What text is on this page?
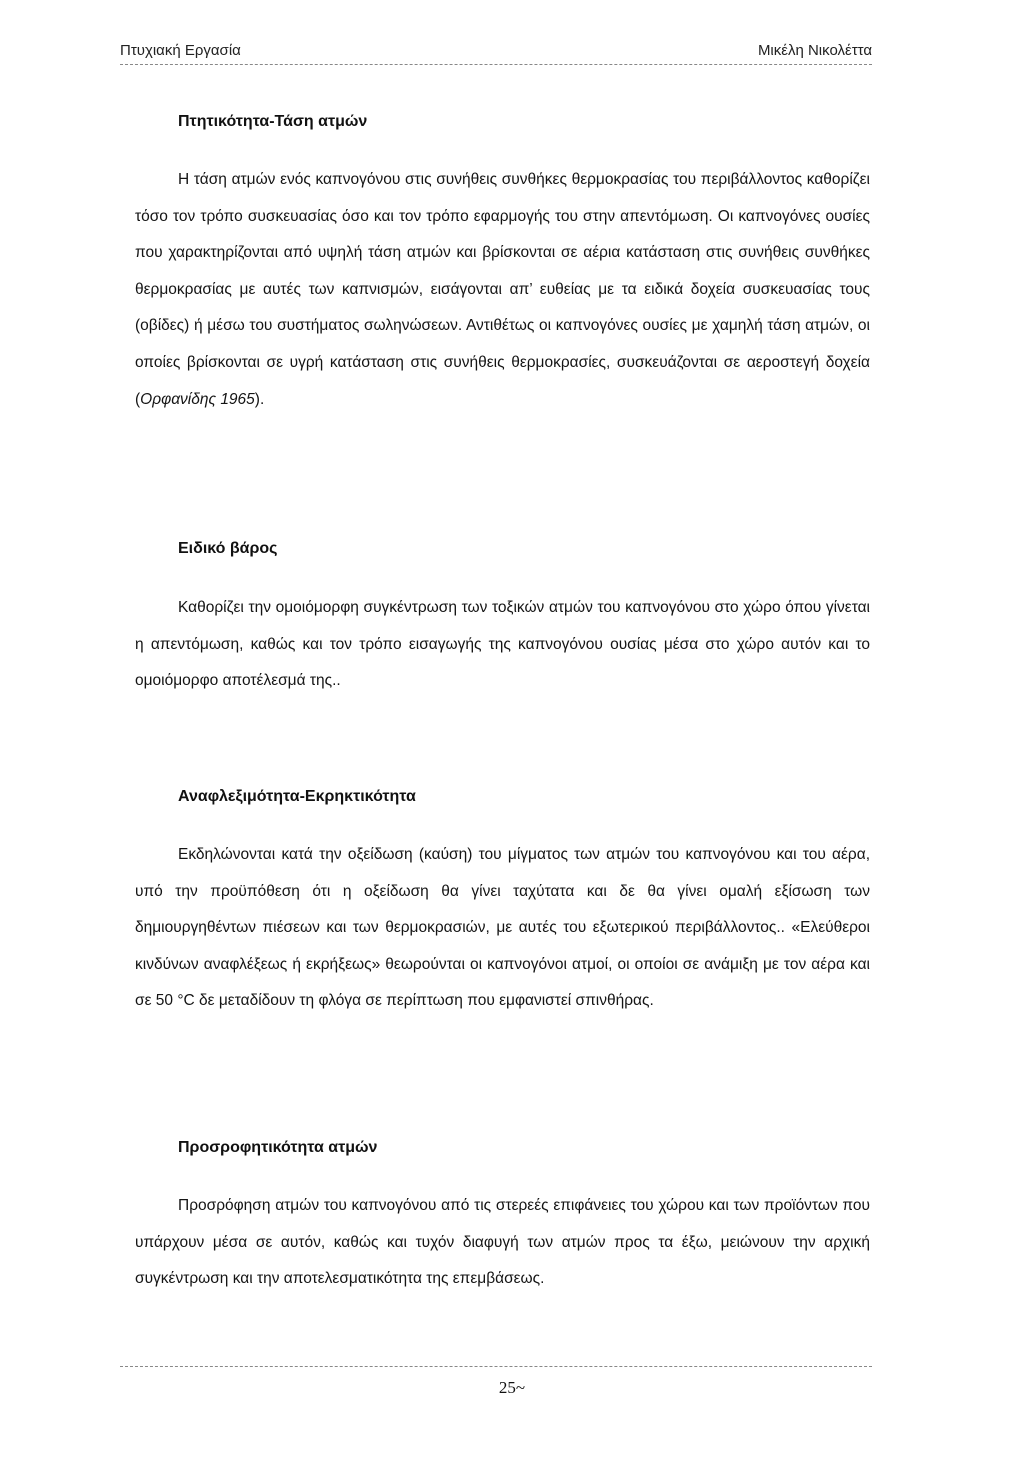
Πτυχιακή Εργασία	Μικέλη Νικολέττα
Πτητικότητα-Τάση ατμών

Η τάση ατμών ενός καπνογόνου στις συνήθεις συνθήκες θερμοκρασίας του περιβάλλοντος καθορίζει τόσο τον τρόπο συσκευασίας όσο και τον τρόπο εφαρμογής του στην απεντόμωση. Οι καπνογόνες ουσίες που χαρακτηρίζονται από υψηλή τάση ατμών και βρίσκονται σε αέρια κατάσταση στις συνήθεις συνθήκες θερμοκρασίας με αυτές των καπνισμών, εισάγονται απ’ ευθείας με τα ειδικά δοχεία συσκευασίας τους (οβίδες) ή μέσω του συστήματος σωληνώσεων. Αντιθέτως οι καπνογόνες ουσίες με χαμηλή τάση ατμών, οι οποίες βρίσκονται σε υγρή κατάσταση στις συνήθεις θερμοκρασίες, συσκευάζονται σε αεροστεγή δοχεία (Ορφανίδης 1965).

Ειδικό βάρος

Καθορίζει την ομοιόμορφη συγκέντρωση των τοξικών ατμών του καπνογόνου στο χώρο όπου γίνεται η απεντόμωση, καθώς και τον τρόπο εισαγωγής της καπνογόνου ουσίας μέσα στο χώρο αυτόν και το ομοιόμορφο αποτέλεσμά της..

Αναφλεξιμότητα-Εκρηκτικότητα

Εκδηλώνονται κατά την οξείδωση (καύση) του μίγματος των ατμών του καπνογόνου και του αέρα, υπό την προϋπόθεση ότι η οξείδωση θα γίνει ταχύτατα και δε θα γίνει ομαλή εξίσωση των δημιουργηθέντων πιέσεων και των θερμοκρασιών, με αυτές του εξωτερικού περιβάλλοντος.. «Ελεύθεροι κινδύνων αναφλέξεως ή εκρήξεως» θεωρούνται οι καπνογόνοι ατμοί, οι οποίοι σε ανάμιξη με τον αέρα και σε 50 °C δε μεταδίδουν τη φλόγα σε περίπτωση που εμφανιστεί σπινθήρας.

Προσροφητικότητα ατμών

Προσρόφηση ατμών του καπνογόνου από τις στερεές επιφάνειες του χώρου και των προϊόντων που υπάρχουν μέσα σε αυτόν, καθώς και τυχόν διαφυγή των ατμών προς τα έξω, μειώνουν την αρχική συγκέντρωση και την αποτελεσματικότητα της επεμβάσεως.

25~
